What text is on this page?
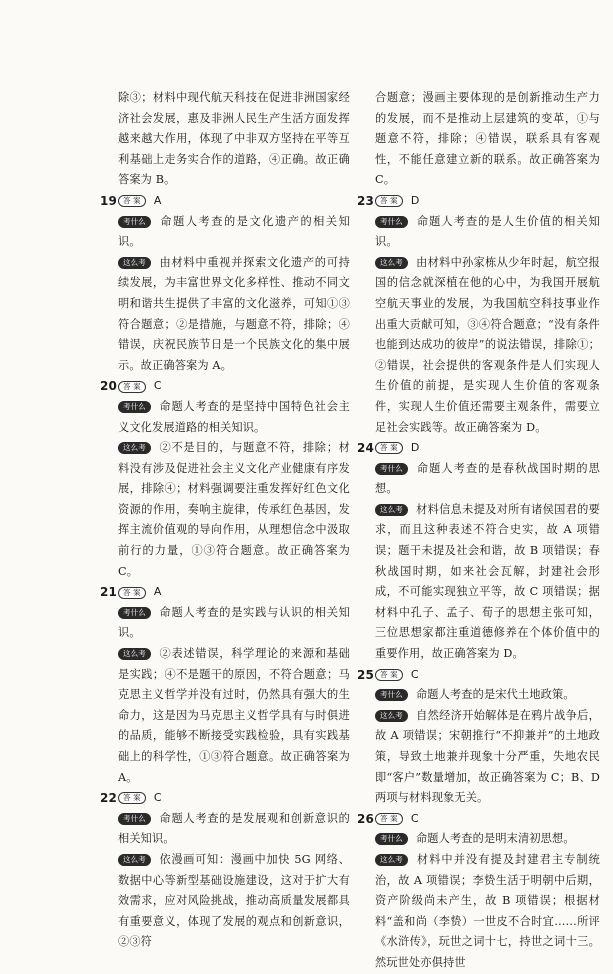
除③；材料中现代航天科技在促进非洲国家经济社会发展，惠及非洲人民生产生活方面发挥越来越大作用，体现了中非双方坚持在平等互利基础上走务实合作的道路，④正确。故正确答案为 B。
19 答 案	A
考什么 命题人考查的是文化遗产的相关知识。
这么考 由材料中重视并探索文化遗产的可持续发展，为丰富世界文化多样性、推动不同文明和谐共生提供了丰富的文化滋养，可知①③符合题意；②是措施，与题意不符，排除；④错误，庆祝民族节日是一个民族文化的集中展示。故正确答案为 A。
20 答 案	C
考什么 命题人考查的是坚持中国特色社会主义文化发展道路的相关知识。
这么考 ②不是目的，与题意不符，排除；材料没有涉及促进社会主义文化产业健康有序发展，排除④；材料强调要注重发挥好红色文化资源的作用，奏响主旋律，传承红色基因，发挥主流价值观的导向作用，从理想信念中汲取前行的力量，①③符合题意。故正确答案为 C。
21 答 案	A
考什么 命题人考查的是实践与认识的相关知识。
这么考 ②表述错误，科学理论的来源和基础是实践；④不是题干的原因，不符合题意；马克思主义哲学并没有过时，仍然具有强大的生命力，这是因为马克思主义哲学具有与时俱进的品质，能够不断接受实践检验，具有实践基础上的科学性，①③符合题意。故正确答案为 A。
22 答 案	C
考什么 命题人考查的是发展观和创新意识的相关知识。
这么考 依漫画可知：漫画中加快 5G 网络、数据中心等新型基础设施建设，这对于扩大有效需求，应对风险挑战，推动高质量发展都具有重要意义，体现了发展的观点和创新意识，②③符
合题意；漫画主要体现的是创新推动生产力的发展，而不是推动上层建筑的变革，①与题意不符，排除；④错误，联系具有客观性，不能任意建立新的联系。故正确答案为 C。
23 答 案	D
考什么 命题人考查的是人生价值的相关知识。
这么考 由材料中孙家栋从少年时起，航空报国的信念就深植在他的心中，为我国开展航空航天事业的发展，为我国航空科技事业作出重大贡献可知，③④符合题意；“没有条件也能到达成功的彼岸”的说法错误，排除①；②错误，社会提供的客观条件是人们实现人生价值的前提，是实现人生价值的客观条件，实现人生价值还需要主观条件，需要立足社会实践等。故正确答案为 D。
24 答 案	D
考什么 命题人考查的是春秋战国时期的思想。
这么考 材料信息未提及对所有诸侯国君的要求，而且这种表述不符合史实，故 A 项错误；题干未提及社会和谐，故 B 项错误；春秋战国时期，如来社会瓦解，封建社会形成，不可能实现独立平等，故 C 项错误；据材料中孔子、孟子、荀子的思想主张可知，三位思想家都注重道德修养在个体价值中的重要作用，故正确答案为 D。
25 答 案	C
考什么 命题人考查的是宋代土地政策。
这么考 自然经济开始解体是在鸦片战争后，故 A 项错误；宋朝推行“不抑兼并”的土地政策，导致土地兼并现象十分严重，失地农民即“客户”数量增加，故正确答案为 C；B、D 两项与材料现象无关。
26 答 案	C
考什么 命题人考查的是明末清初思想。
这么考 材料中并没有提及封建君主专制统治，故 A 项错误；李贽生活于明朝中后期，资产阶级尚未产生，故 B 项错误；根据材料“盖和尚（李贽）一世皮不合时宜……所评《水浒传》，玩世之词十七，持世之词十三。然玩世处亦俱持世
